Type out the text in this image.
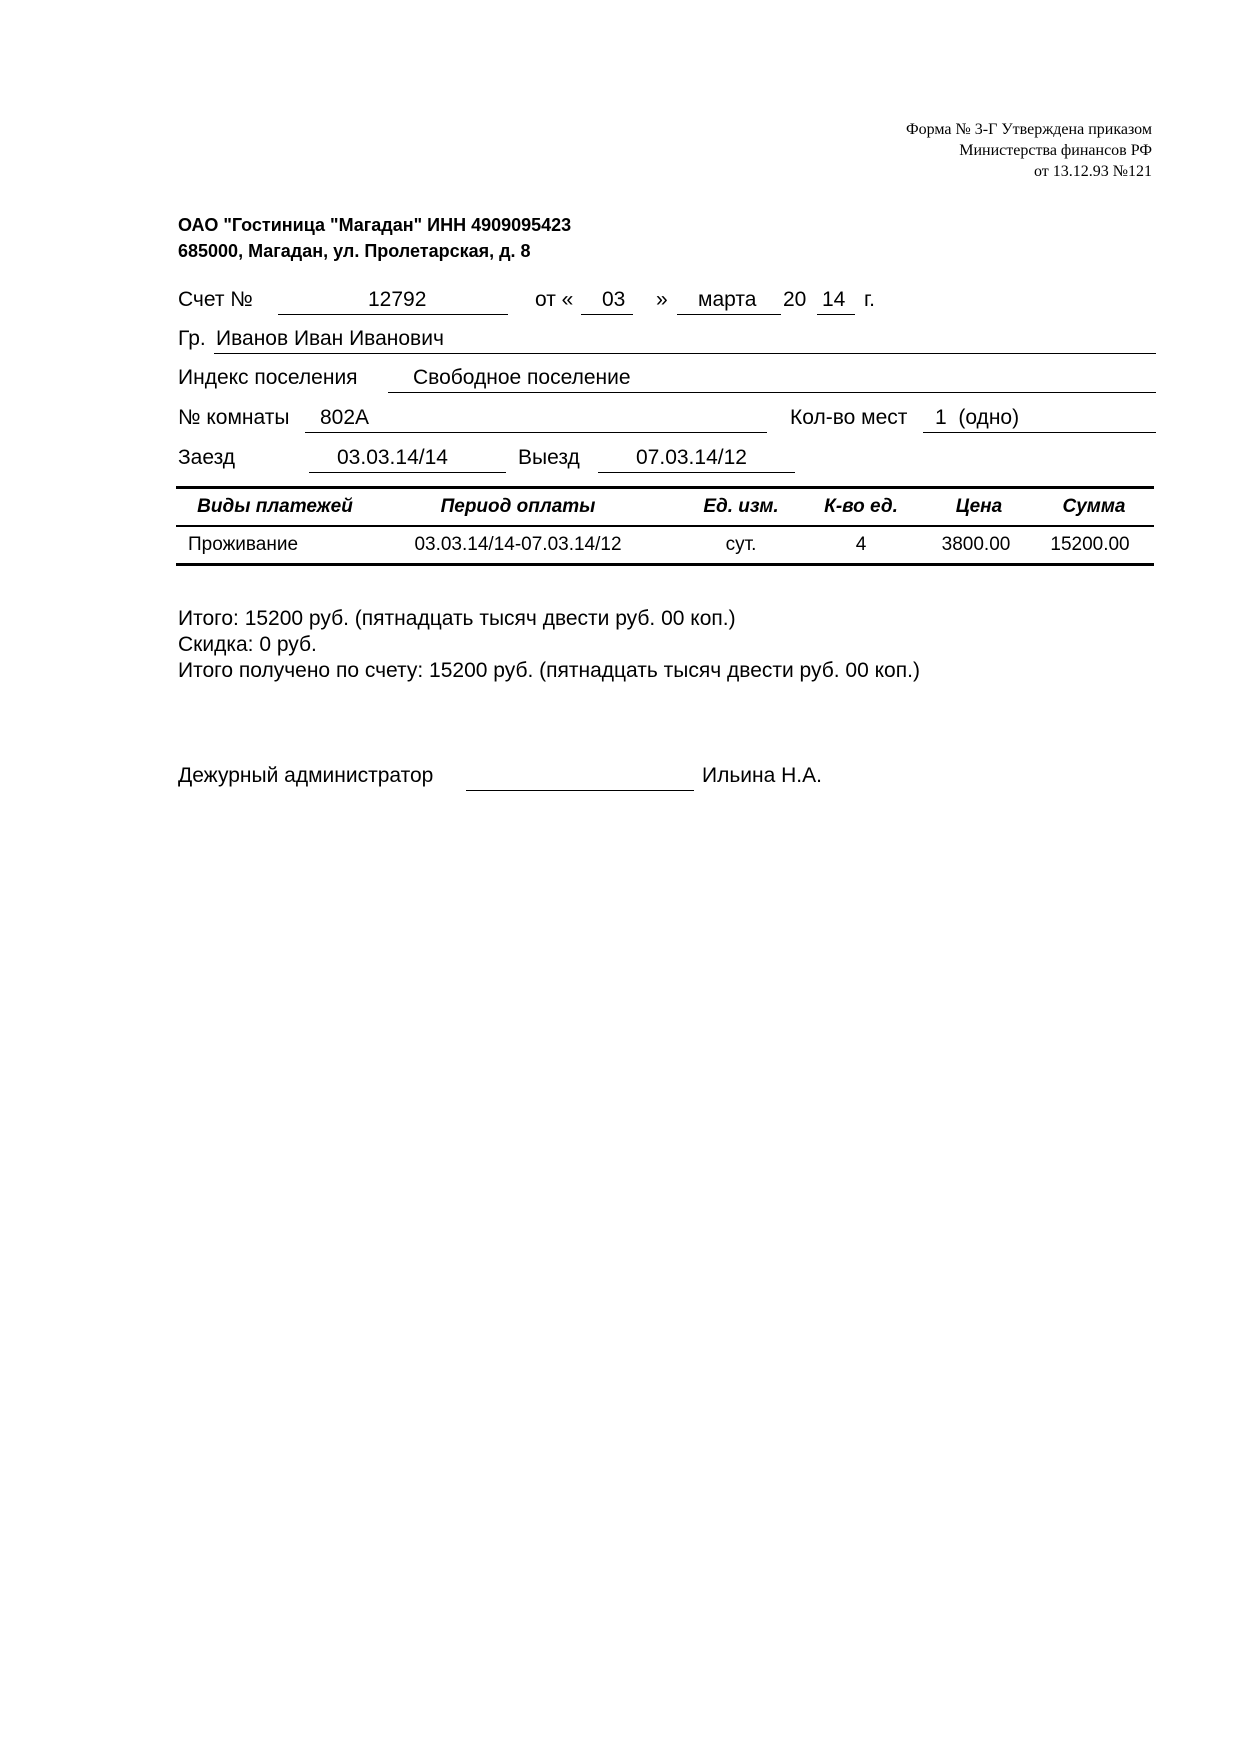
Форма № 3-Г Утверждена приказом
Министерства финансов РФ
от 13.12.93 №121
ОАО "Гостиница "Магадан" ИНН 4909095423
685000, Магадан, ул. Пролетарская, д. 8
Счет №	12792	от « 03 » марта 20 14 г.
Гр. Иванов Иван Иванович
Индекс поселения	Свободное поселение
№ комнаты 802А	Кол-во мест 1  (одно)
Заезд	03.03.14/14	Выезд	07.03.14/12
Виды платежей	Период оплаты	Ед. изм.	К-во ед.	Цена	Сумма
Проживание	03.03.14/14-07.03.14/12	сут.	4	3800.00	15200.00
Итого: 15200 руб. (пятнадцать тысяч двести руб. 00 коп.)
Скидка: 0 руб.
Итого получено по счету: 15200 руб. (пятнадцать тысяч двести руб. 00 коп.)
Дежурный администратор	Ильина Н.А.
